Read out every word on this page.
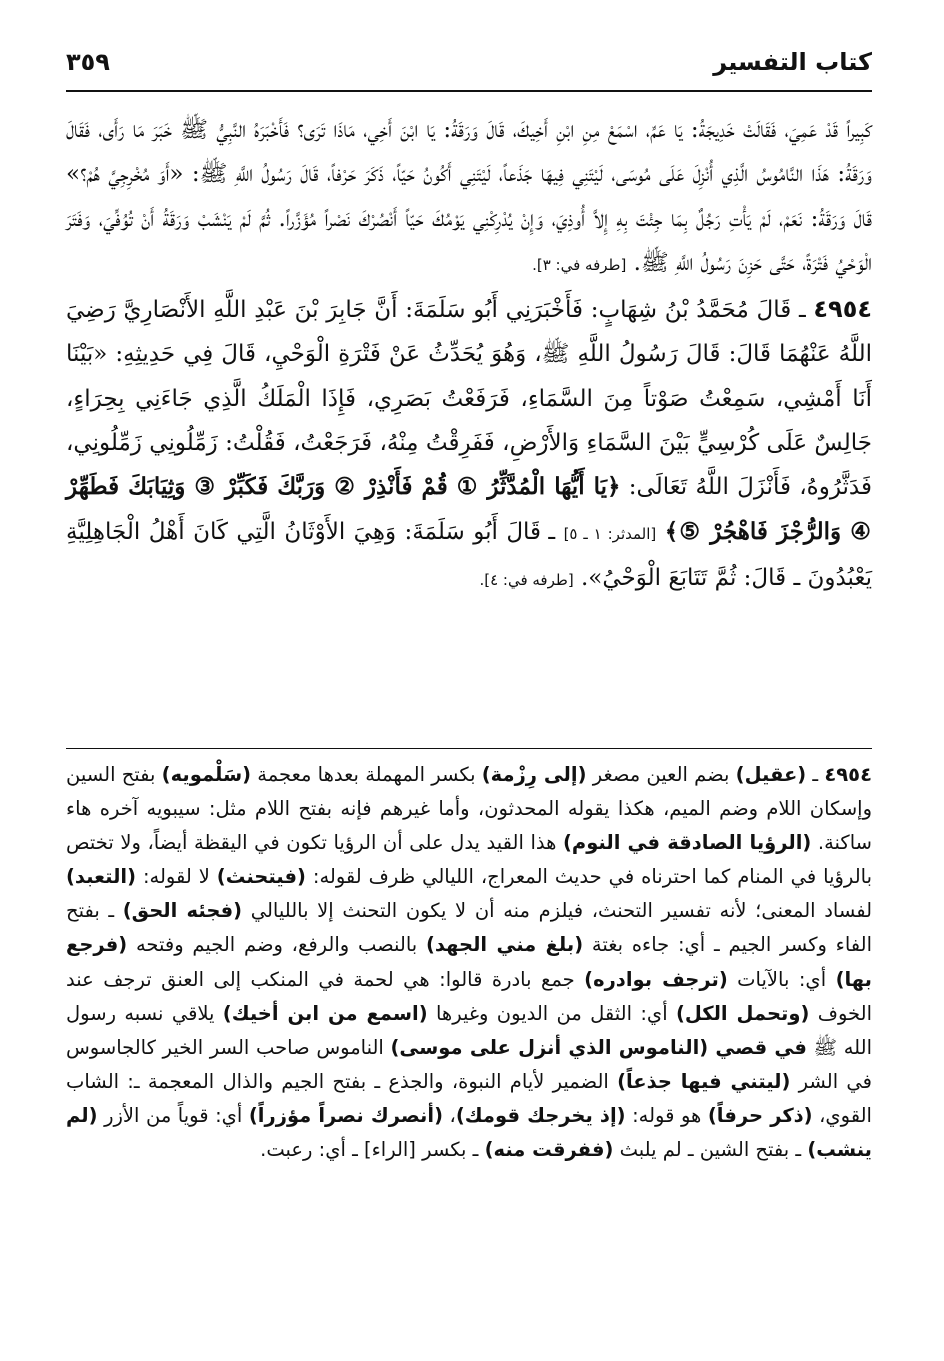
كتاب التفسير
٣٥٩

كَبِيراً قَدْ عَمِيَ، فَقَالَتْ خَدِيجَةُ: يَا عَمِّ، اسْمَعْ مِنِ ابْنِ أَخِيكَ، قَالَ وَرَقَةُ: يَا ابْنَ أَخِي، مَاذَا تَرَى؟ فَأَخْبَرَهُ النَّبِيُّ ﷺ خَبَرَ مَا رَأَى، فَقَالَ وَرَقَةُ: هَذَا النَّامُوسُ الَّذِي أُنْزِلَ عَلَى مُوسَى، لَيْتَنِي فِيهَا جَذَعاً، لَيْتَنِي أَكُونُ حَيّاً، ذَكَرَ حَرْفاً، قَالَ رَسُولُ اللَّهِ ﷺ: «أَوَ مُخْرِجِيَّ هُمْ؟» قَالَ وَرَقَةُ: نَعَمْ، لَمْ يَأْتِ رَجُلٌ بِمَا جِئْتَ بِهِ إِلاَّ أُوذِيَ، وَإِنْ يُدْرِكْنِي يَوْمُكَ حَيّاً أَنْصُرْكَ نَصْراً مُؤَزَّراً. ثُمَّ لَمْ يَنْشَبْ وَرَقَةُ أَنْ تُوُفِّيَ، وَفَتَرَ الْوَحْيُ فَتْرَةً، حَتَّى حَزِنَ رَسُولُ اللَّهِ ﷺ. [طرفه في: ٣].

٤٩٥٤ ـ قَالَ مُحَمَّدُ بْنُ شِهَابٍ: فَأَخْبَرَنِي أَبُو سَلَمَةَ: أَنَّ جَابِرَ بْنَ عَبْدِ اللَّهِ الأَنْصَارِيَّ رَضِيَ اللَّهُ عَنْهُمَا قَالَ: قَالَ رَسُولُ اللَّهِ ﷺ، وَهُوَ يُحَدِّثُ عَنْ فَتْرَةِ الْوَحْيِ، قَالَ فِي حَدِيثِهِ: «بَيْنَا أَنَا أَمْشِي، سَمِعْتُ صَوْتاً مِنَ السَّمَاءِ، فَرَفَعْتُ بَصَرِي، فَإِذَا الْمَلَكُ الَّذِي جَاءَنِي بِحِرَاءٍ، جَالِسٌ عَلَى كُرْسِيٍّ بَيْنَ السَّمَاءِ وَالأَرْضِ، فَفَرِقْتُ مِنْهُ، فَرَجَعْتُ، فَقُلْتُ: زَمِّلُونِي زَمِّلُونِي، فَدَثَّرُوهُ، فَأَنْزَلَ اللَّهُ تَعَالَى: ﴿يَا أَيُّهَا الْمُدَّثِّرُ ① قُمْ فَأَنْذِرْ ② وَرَبَّكَ فَكَبِّرْ ③ وَثِيَابَكَ فَطَهِّرْ ④ وَالرُّجْزَ فَاهْجُرْ ⑤﴾ [المدثر: ١ ـ ٥] ـ قَالَ أَبُو سَلَمَةَ: وَهِيَ الأَوْثَانُ الَّتِي كَانَ أَهْلُ الْجَاهِلِيَّةِ يَعْبُدُونَ ـ قَالَ: ثُمَّ تَتَابَعَ الْوَحْيُ». [طرفه في: ٤].

٤٩٥٤ ـ (عقيل) بضم العين مصغر (إلى رِزْمة) بكسر المهملة بعدها معجمة (سَلْمويه) بفتح السين وإسكان اللام وضم الميم، هكذا يقوله المحدثون، وأما غيرهم فإنه بفتح اللام مثل: سيبويه آخره هاء ساكنة. (الرؤيا الصادقة في النوم) هذا القيد يدل على أن الرؤيا تكون في اليقظة أيضاً، ولا تختص بالرؤيا في المنام كما احترناه في حديث المعراج، الليالي ظرف لقوله: (فيتحنث) لا لقوله: (التعبد) لفساد المعنى؛ لأنه تفسير التحنث، فيلزم منه أن لا يكون التحنث إلا بالليالي (فجئه الحق) ـ بفتح الفاء وكسر الجيم ـ أي: جاءه بغتة (بلغ مني الجهد) بالنصب والرفع، وضم الجيم وفتحه (فرجع بها) أي: بالآيات (ترجف بوادره) جمع بادرة قالوا: هي لحمة في المنكب إلى العنق ترجف عند الخوف (وتحمل الكل) أي: الثقل من الديون وغيرها (اسمع من ابن أخيك) يلاقي نسبه رسول الله ﷺ في قصي (الناموس الذي أنزل على موسى) الناموس صاحب السر الخير كالجاسوس في الشر (ليتني فيها جذعاً) الضمير لأيام النبوة، والجذع ـ بفتح الجيم والذال المعجمة ـ: الشاب القوي، (ذكر حرفاً) هو قوله: (إذ يخرجك قومك)، (أنصرك نصراً مؤزراً) أي: قوياً من الأزر (لم ينشب) ـ بفتح الشين ـ لم يلبث (ففرقت منه) ـ بكسر [الراء] ـ أي: رعبت.
